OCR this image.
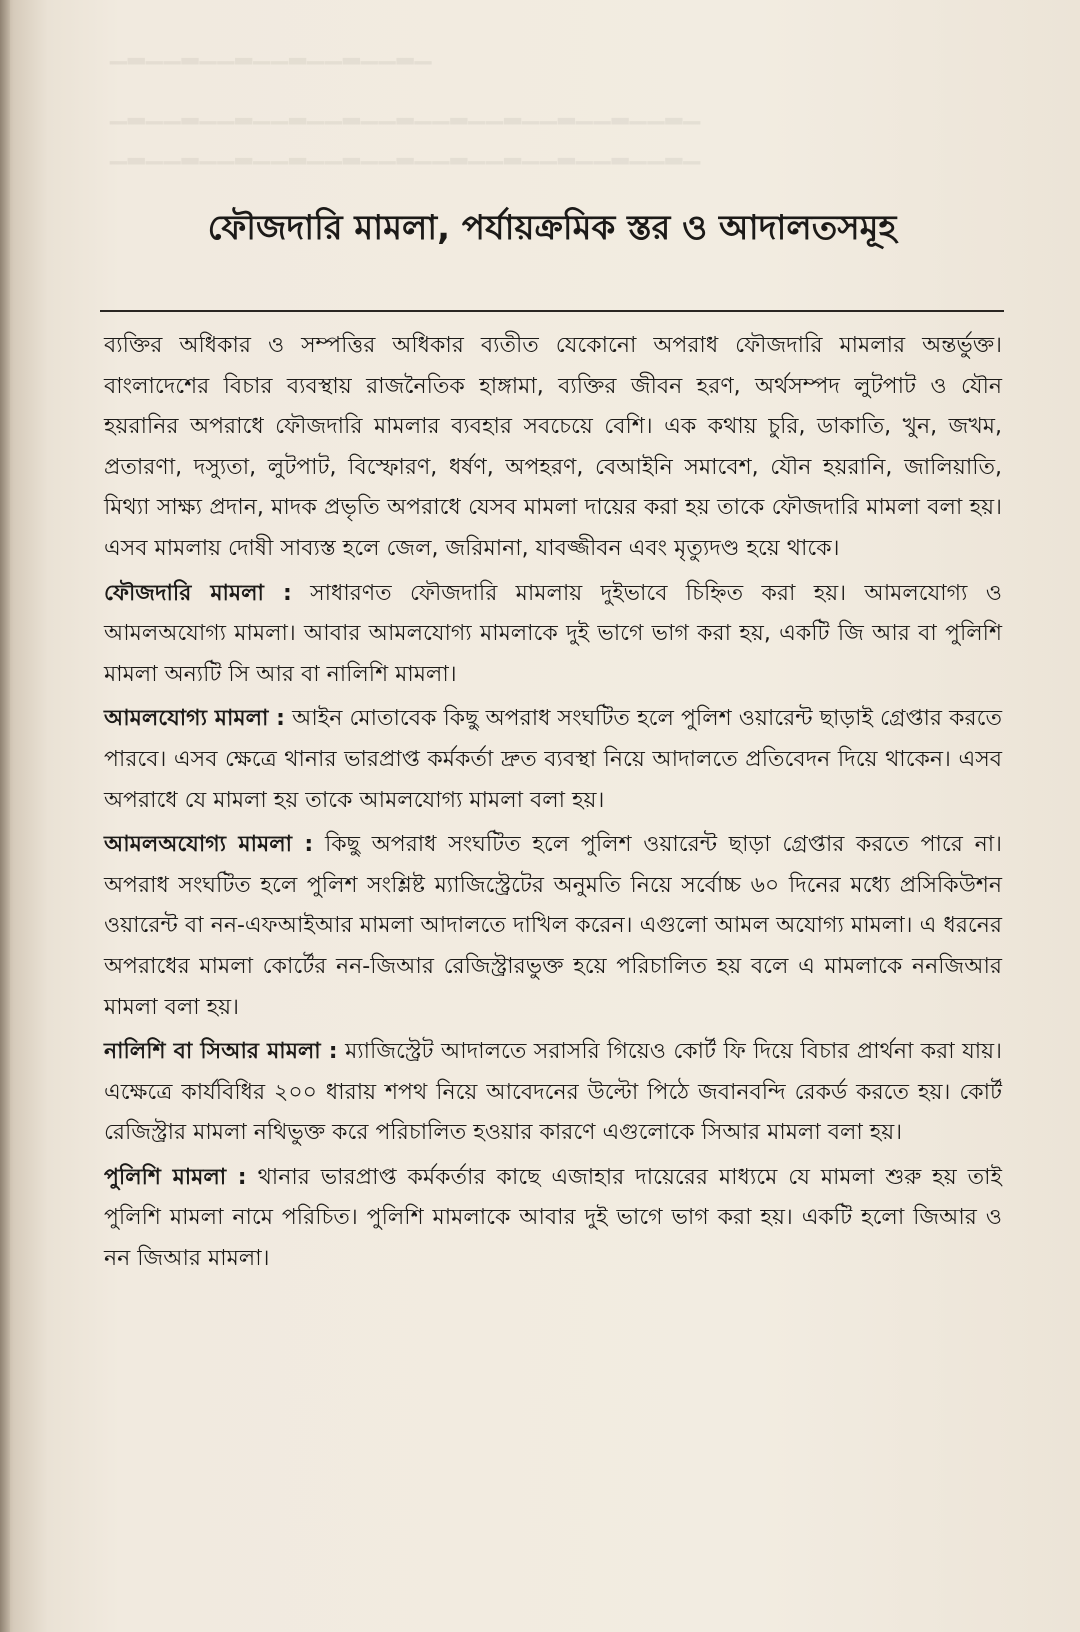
▁▂▁▁▂▁▁▂▁▁▂▁▁▂▁▁▂▁
▁▂▁▁▂▁▁▂▁▁▂▁▁▂▁▁▂▁▁▂▁▁▂▁▁▂▁▁▂▁▁▂▁
▁▂▁▁▂▁▁▂▁▁▂▁▁▂▁▁▂▁▁▂▁▁▂▁▁▂▁▁▂▁▁▂▁
ফৌজদারি মামলা, পর্যায়ক্রমিক স্তর ও আদালতসমূহ

ব্যক্তির অধিকার ও সম্পত্তির অধিকার ব্যতীত যেকোনো অপরাধ ফৌজদারি মামলার অন্তর্ভুক্ত। বাংলাদেশের বিচার ব্যবস্থায় রাজনৈতিক হাঙ্গামা, ব্যক্তির জীবন হরণ, অর্থসম্পদ লুটপাট ও যৌন হয়রানির অপরাধে ফৌজদারি মামলার ব্যবহার সবচেয়ে বেশি। এক কথায় চুরি, ডাকাতি, খুন, জখম, প্রতারণা, দস্যুতা, লুটপাট, বিস্ফোরণ, ধর্ষণ, অপহরণ, বেআইনি সমাবেশ, যৌন হয়রানি, জালিয়াতি, মিথ্যা সাক্ষ্য প্রদান, মাদক প্রভৃতি অপরাধে যেসব মামলা দায়ের করা হয় তাকে ফৌজদারি মামলা বলা হয়। এসব মামলায় দোষী সাব্যস্ত হলে জেল, জরিমানা, যাবজ্জীবন এবং মৃত্যুদণ্ড হয়ে থাকে।

ফৌজদারি মামলা : সাধারণত ফৌজদারি মামলায় দুইভাবে চিহ্নিত করা হয়। আমলযোগ্য ও আমলঅযোগ্য মামলা। আবার আমলযোগ্য মামলাকে দুই ভাগে ভাগ করা হয়, একটি জি আর বা পুলিশি মামলা অন্যটি সি আর বা নালিশি মামলা।

আমলযোগ্য মামলা : আইন মোতাবেক কিছু অপরাধ সংঘটিত হলে পুলিশ ওয়ারেন্ট ছাড়াই গ্রেপ্তার করতে পারবে। এসব ক্ষেত্রে থানার ভারপ্রাপ্ত কর্মকর্তা দ্রুত ব্যবস্থা নিয়ে আদালতে প্রতিবেদন দিয়ে থাকেন। এসব অপরাধে যে মামলা হয় তাকে আমলযোগ্য মামলা বলা হয়।

আমলঅযোগ্য মামলা : কিছু অপরাধ সংঘটিত হলে পুলিশ ওয়ারেন্ট ছাড়া গ্রেপ্তার করতে পারে না। অপরাধ সংঘটিত হলে পুলিশ সংশ্লিষ্ট ম্যাজিস্ট্রেটের অনুমতি নিয়ে সর্বোচ্চ ৬০ দিনের মধ্যে প্রসিকিউশন ওয়ারেন্ট বা নন-এফআইআর মামলা আদালতে দাখিল করেন। এগুলো আমল অযোগ্য মামলা। এ ধরনের অপরাধের মামলা কোর্টের নন-জিআর রেজিস্ট্রারভুক্ত হয়ে পরিচালিত হয় বলে এ মামলাকে ননজিআর মামলা বলা হয়।

নালিশি বা সিআর মামলা : ম্যাজিস্ট্রেট আদালতে সরাসরি গিয়েও কোর্ট ফি দিয়ে বিচার প্রার্থনা করা যায়। এক্ষেত্রে কার্যবিধির ২০০ ধারায় শপথ নিয়ে আবেদনের উল্টো পিঠে জবানবন্দি রেকর্ড করতে হয়। কোর্ট রেজিস্ট্রার মামলা নথিভুক্ত করে পরিচালিত হওয়ার কারণে এগুলোকে সিআর মামলা বলা হয়।

পুলিশি মামলা : থানার ভারপ্রাপ্ত কর্মকর্তার কাছে এজাহার দায়েরের মাধ্যমে যে মামলা শুরু হয় তাই পুলিশি মামলা নামে পরিচিত। পুলিশি মামলাকে আবার দুই ভাগে ভাগ করা হয়। একটি হলো জিআর ও নন জিআর মামলা।
